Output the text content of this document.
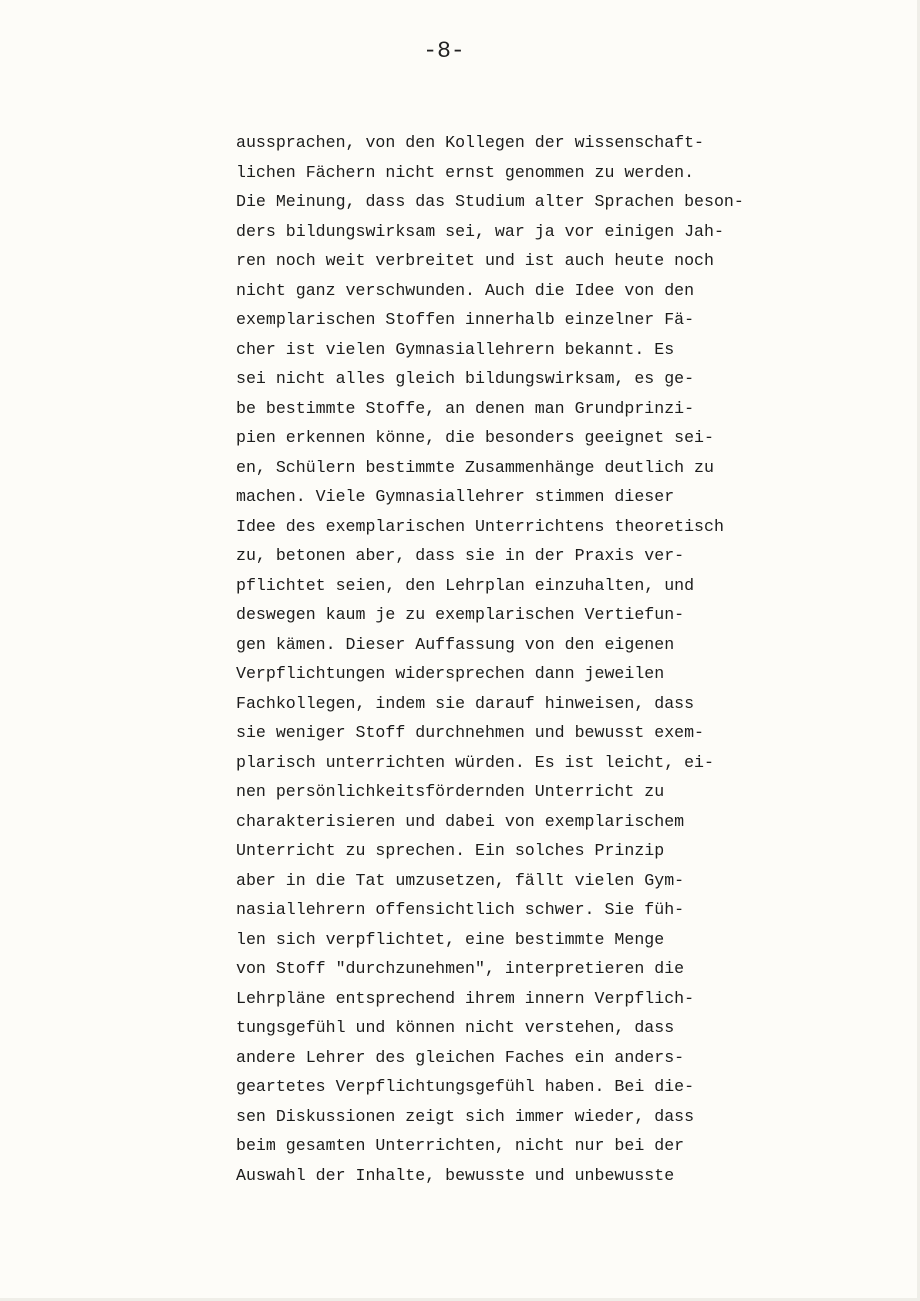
-8-
aussprachen, von den Kollegen der wissenschaft-
lichen Fächern nicht ernst genommen zu werden.
Die Meinung, dass das Studium alter Sprachen beson-
ders bildungswirksam sei, war ja vor einigen Jah-
ren noch weit verbreitet und ist auch heute noch
nicht ganz verschwunden. Auch die Idee von den
exemplarischen Stoffen innerhalb einzelner Fä-
cher ist vielen Gymnasiallehrern bekannt. Es
sei nicht alles gleich bildungswirksam, es ge-
be bestimmte Stoffe, an denen man Grundprinzi-
pien erkennen könne, die besonders geeignet sei-
en, Schülern bestimmte Zusammenhänge deutlich zu
machen. Viele Gymnasiallehrer stimmen dieser
Idee des exemplarischen Unterrichtens theoretisch
zu, betonen aber, dass sie in der Praxis ver-
pflichtet seien, den Lehrplan einzuhalten, und
deswegen kaum je zu exemplarischen Vertiefun-
gen kämen. Dieser Auffassung von den eigenen
Verpflichtungen widersprechen dann jeweilen
Fachkollegen, indem sie darauf hinweisen, dass
sie weniger Stoff durchnehmen und bewusst exem-
plarisch unterrichten würden. Es ist leicht, ei-
nen persönlichkeitsfördernden Unterricht zu
charakterisieren und dabei von exemplarischem
Unterricht zu sprechen. Ein solches Prinzip
aber in die Tat umzusetzen, fällt vielen Gym-
nasiallehrern offensichtlich schwer. Sie füh-
len sich verpflichtet, eine bestimmte Menge
von Stoff "durchzunehmen", interpretieren die
Lehrpläne entsprechend ihrem innern Verpflich-
tungsgefühl und können nicht verstehen, dass
andere Lehrer des gleichen Faches ein anders-
geartetes Verpflichtungsgefühl haben. Bei die-
sen Diskussionen zeigt sich immer wieder, dass
beim gesamten Unterrichten, nicht nur bei der
Auswahl der Inhalte, bewusste und unbewusste
